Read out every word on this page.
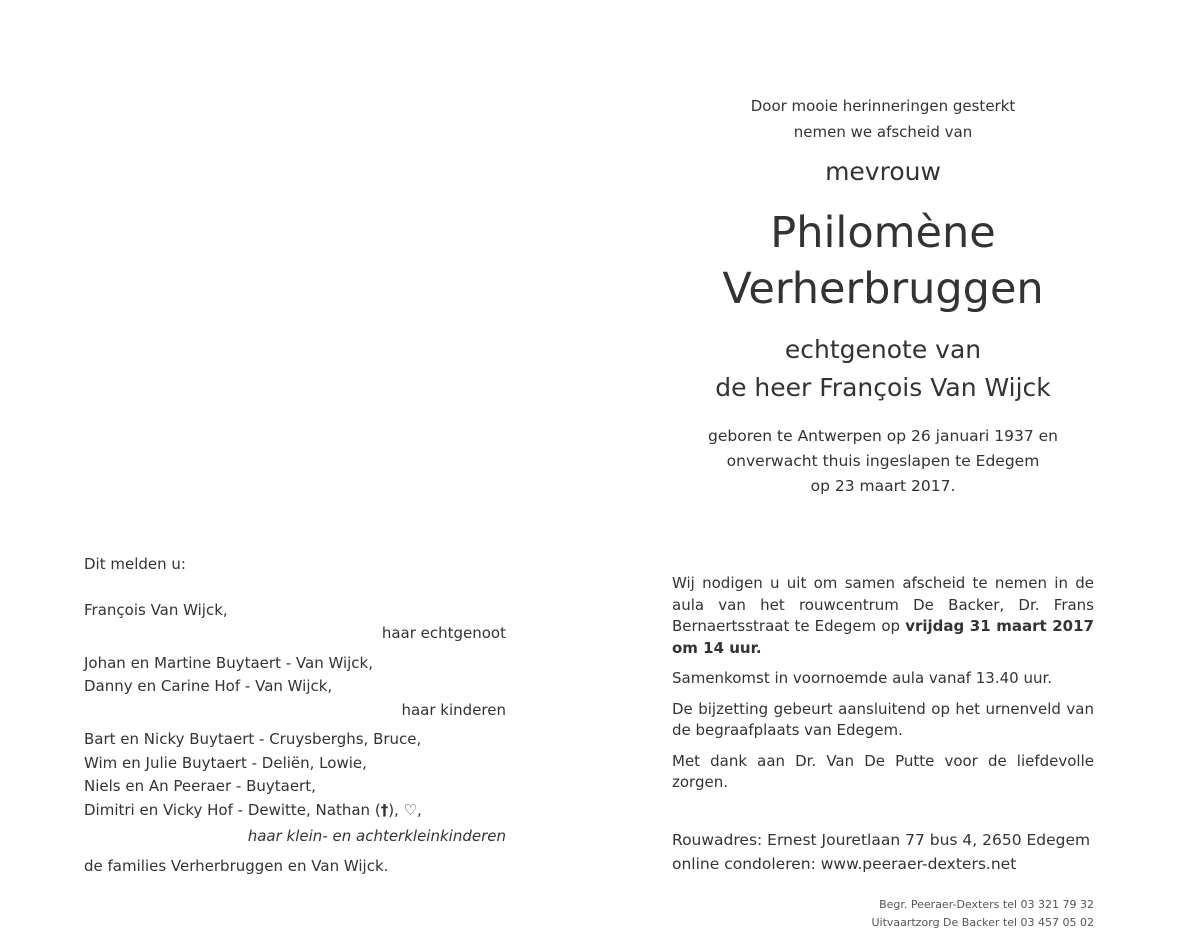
Door mooie herinneringen gesterkt
nemen we afscheid van
mevrouw
Philomène
Verherbruggen
echtgenote van
de heer François Van Wijck
geboren te Antwerpen op 26 januari 1937 en
onverwacht thuis ingeslapen te Edegem
op 23 maart 2017.
Dit melden u:
François Van Wijck,
haar echtgenoot
Johan en Martine Buytaert - Van Wijck,
Danny en Carine Hof - Van Wijck,
haar kinderen
Bart en Nicky Buytaert - Cruysberghs, Bruce,
Wim en Julie Buytaert - Deliën, Lowie,
Niels en An Peeraer - Buytaert,
Dimitri en Vicky Hof - Dewitte, Nathan (†), ♡,
haar klein- en achterkleinkinderen
de families Verherbruggen en Van Wijck.

Wij nodigen u uit om samen afscheid te nemen in de aula van het rouwcentrum De Backer, Dr. Frans Bernaertsstraat te Edegem op vrijdag 31 maart 2017 om 14 uur.

Samenkomst in voornoemde aula vanaf 13.40 uur.

De bijzetting gebeurt aansluitend op het urnenveld van de begraafplaats van Edegem.

Met dank aan Dr. Van De Putte voor de liefdevolle zorgen.

Rouwadres: Ernest Jouretlaan 77 bus 4, 2650 Edegem
online condoleren: www.peeraer-dexters.net
Begr. Peeraer-Dexters tel 03 321 79 32
Uitvaartzorg De Backer tel 03 457 05 02
